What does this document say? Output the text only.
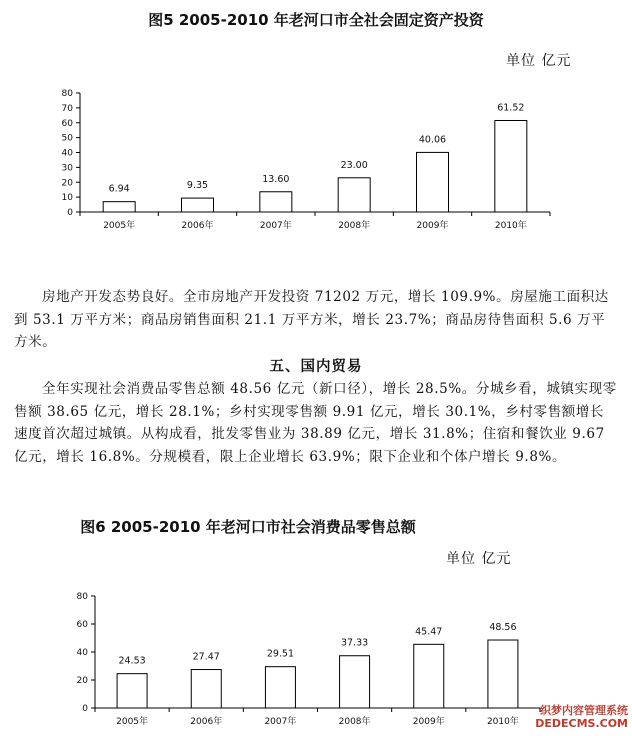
图5 2005-2010 年老河口市全社会固定资产投资
单位 亿元
0
10
20
30
40
50
60
70
80
6.94
2005年
9.35
2006年
13.60
2007年
23.00
2008年
40.06
2009年
61.52
2010年
房地产开发态势良好。全市房地产开发投资 71202 万元，增长 109.9%。房屋施工面积达到 53.1 万平方米；商品房销售面积 21.1 万平方米，增长 23.7%；商品房待售面积 5.6 万平方米。
五、国内贸易
全年实现社会消费品零售总额 48.56 亿元（新口径），增长 28.5%。分城乡看，城镇实现零售额 38.65 亿元，增长 28.1%；乡村实现零售额 9.91 亿元，增长 30.1%，乡村零售额增长速度首次超过城镇。从构成看，批发零售业为 38.89 亿元，增长 31.8%；住宿和餐饮业 9.67 亿元，增长 16.8%。分规模看，限上企业增长 63.9%；限下企业和个体户增长 9.8%。
图6 2005-2010 年老河口市社会消费品零售总额
单位 亿元
0
20
40
60
80
24.53
2005年
27.47
2006年
29.51
2007年
37.33
2008年
45.47
2009年
48.56
2010年
织梦内容管理系统
DEDECMS.COM
